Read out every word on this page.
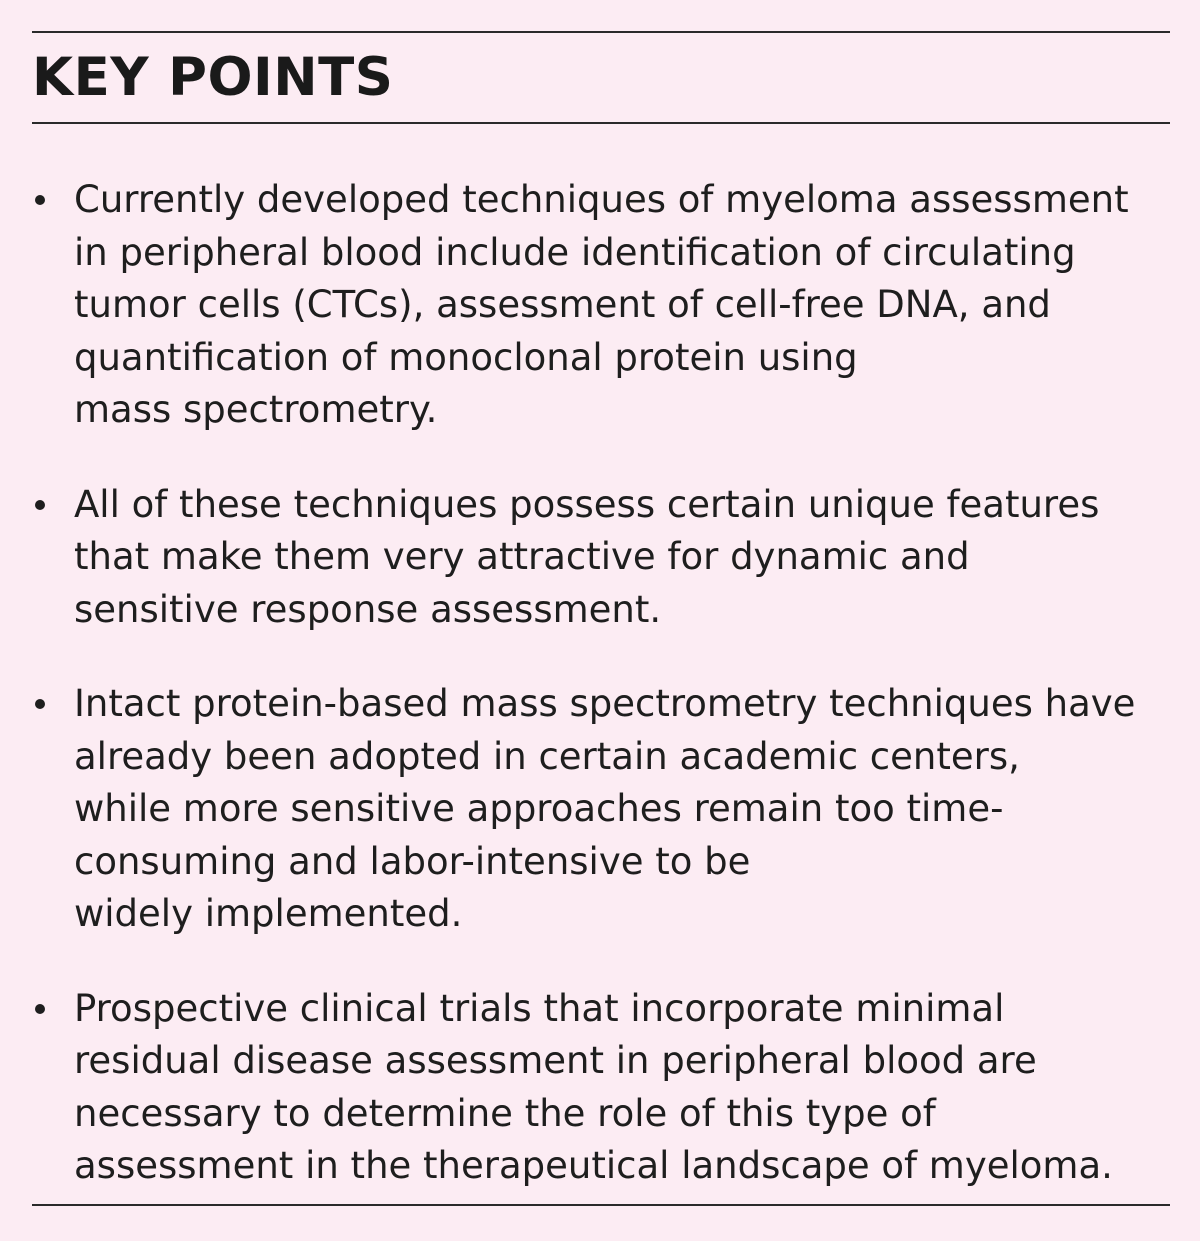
KEY POINTS
Currently developed techniques of myeloma assessment
in peripheral blood include identification of circulating
tumor cells (CTCs), assessment of cell-free DNA, and
quantification of monoclonal protein using
mass spectrometry.
All of these techniques possess certain unique features
that make them very attractive for dynamic and
sensitive response assessment.
Intact protein-based mass spectrometry techniques have
already been adopted in certain academic centers,
while more sensitive approaches remain too time-
consuming and labor-intensive to be
widely implemented.
Prospective clinical trials that incorporate minimal
residual disease assessment in peripheral blood are
necessary to determine the role of this type of
assessment in the therapeutical landscape of myeloma.
